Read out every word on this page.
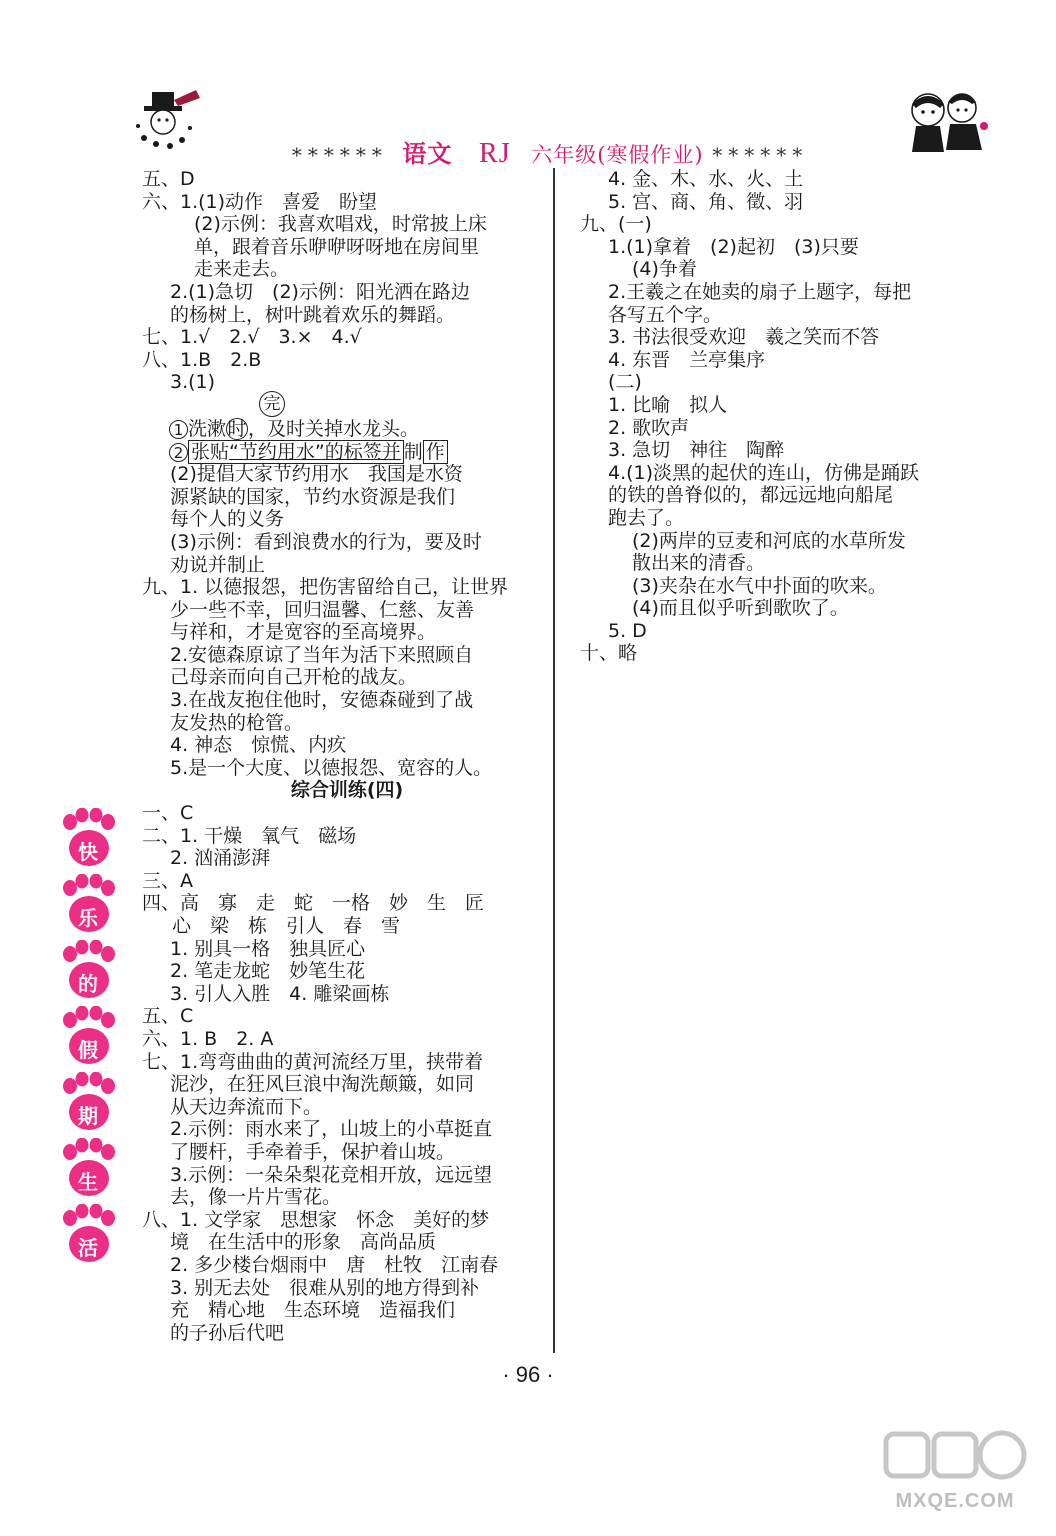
****** 语文 RJ 六年级(寒假作业) ******
五、D
六、1.(1)动作　喜爱　盼望
(2)示例：我喜欢唱戏，时常披上床
单，跟着音乐咿咿呀呀地在房间里
走来走去。
2.(1)急切　(2)示例：阳光洒在路边
的杨树上，树叶跳着欢乐的舞蹈。
七、1.√　2.√　3.×　4.√
八、1.B　2.B
3.(1)
1 洗漱时，及时关掉水龙头。
完
2 张贴“节约用水”的标签并 制 作
(2)提倡大家节约用水　我国是水资
源紧缺的国家，节约水资源是我们
每个人的义务
(3)示例：看到浪费水的行为，要及时
劝说并制止
九、1. 以德报怨，把伤害留给自己，让世界
少一些不幸，回归温馨、仁慈、友善
与祥和，才是宽容的至高境界。
2.安德森原谅了当年为活下来照顾自
己母亲而向自己开枪的战友。
3.在战友抱住他时，安德森碰到了战
友发热的枪管。
4. 神态　惊慌、内疚
5.是一个大度、以德报怨、宽容的人。
综合训练(四)
一、C
二、1. 干燥　氧气　磁场
2. 汹涌澎湃
三、A
四、高　寡　走　蛇　一格　妙　生　匠
心　梁　栋　引人　春　雪
1. 别具一格　独具匠心
2. 笔走龙蛇　妙笔生花
3. 引人入胜　4. 雕梁画栋
五、C
六、1. B　2. A
七、1.弯弯曲曲的黄河流经万里，挟带着
泥沙，在狂风巨浪中淘洗颠簸，如同
从天边奔流而下。
2.示例：雨水来了，山坡上的小草挺直
了腰杆，手牵着手，保护着山坡。
3.示例：一朵朵梨花竞相开放，远远望
去，像一片片雪花。
八、1. 文学家　思想家　怀念　美好的梦
境　在生活中的形象　高尚品质
2. 多少楼台烟雨中　唐　杜牧　江南春
3. 别无去处　很难从别的地方得到补
充　精心地　生态环境　造福我们
的子孙后代吧
4. 金、木、水、火、土
5. 宫、商、角、徵、羽
九、(一)
1.(1)拿着　(2)起初　(3)只要
(4)争着
2.王羲之在她卖的扇子上题字，每把
各写五个字。
3. 书法很受欢迎　羲之笑而不答
4. 东晋　兰亭集序
(二)
1. 比喻　拟人
2. 歌吹声
3. 急切　神往　陶醉
4.(1)淡黑的起伏的连山，仿佛是踊跃
的铁的兽脊似的，都远远地向船尾
跑去了。
(2)两岸的豆麦和河底的水草所发
散出来的清香。
(3)夹杂在水气中扑面的吹来。
(4)而且似乎听到歌吹了。
5. D
十、略
快
乐
的
假
期
生
活
· 96 ·
MXQE.COM
